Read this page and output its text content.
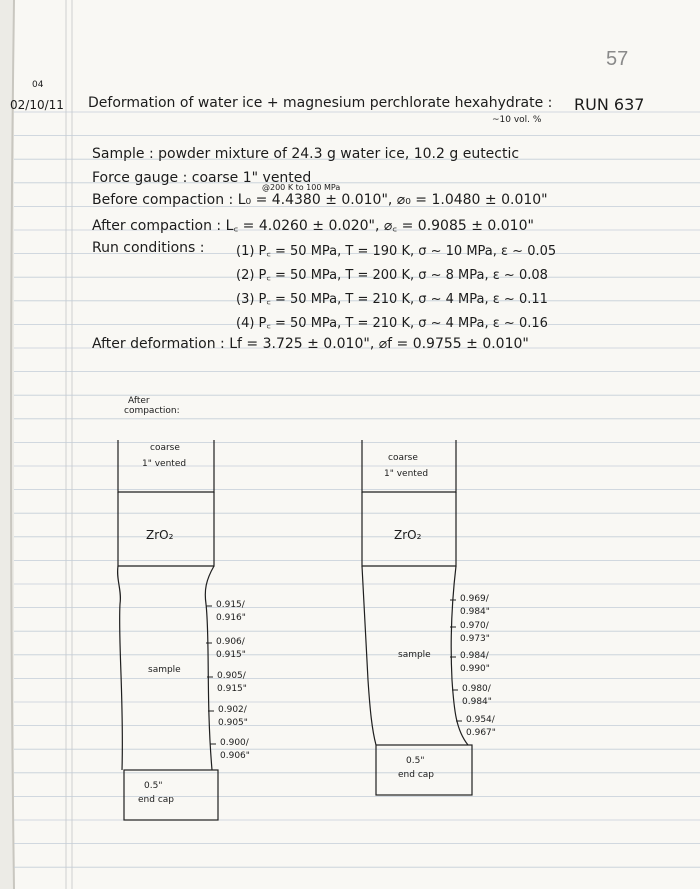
57
04
02/10/11 Deformation of water ice + magnesium perchlorate hexahydrate : RUN 637
~10 vol. %
Sample : powder mixture of 24.3 g water ice, 10.2 g eutectic
Force gauge : coarse 1" vented
@200 K to 100 MPa
Before compaction : L₀ = 4.4380 ± 0.010", ⌀₀ = 1.0480 ± 0.010"
After compaction : L꜀ = 4.0260 ± 0.020", ⌀꜀ = 0.9085 ± 0.010"
Run conditions : (1) P꜀ = 50 MPa, T = 190 K, σ ~ 10 MPa, ε ~ 0.05
(2) P꜀ = 50 MPa, T = 200 K, σ ~ 8 MPa, ε ~ 0.08
(3) P꜀ = 50 MPa, T = 210 K, σ ~ 4 MPa, ε ~ 0.11
(4) P꜀ = 50 MPa, T = 210 K, σ ~ 4 MPa, ε ~ 0.16
After deformation : Lf = 3.725 ± 0.010", ⌀f = 0.9755 ± 0.010"
After
compaction:
coarse
1" vented
ZrO₂
sample
0.5"
end cap
0.915/
0.916"
0.906/
0.915"
0.905/
0.915"
0.902/
0.905"
0.900/
0.906"
coarse
1" vented
ZrO₂
sample
0.5"
end cap
0.969/
0.984"
0.970/
0.973"
0.984/
0.990"
0.980/
0.984"
0.954/
0.967"
